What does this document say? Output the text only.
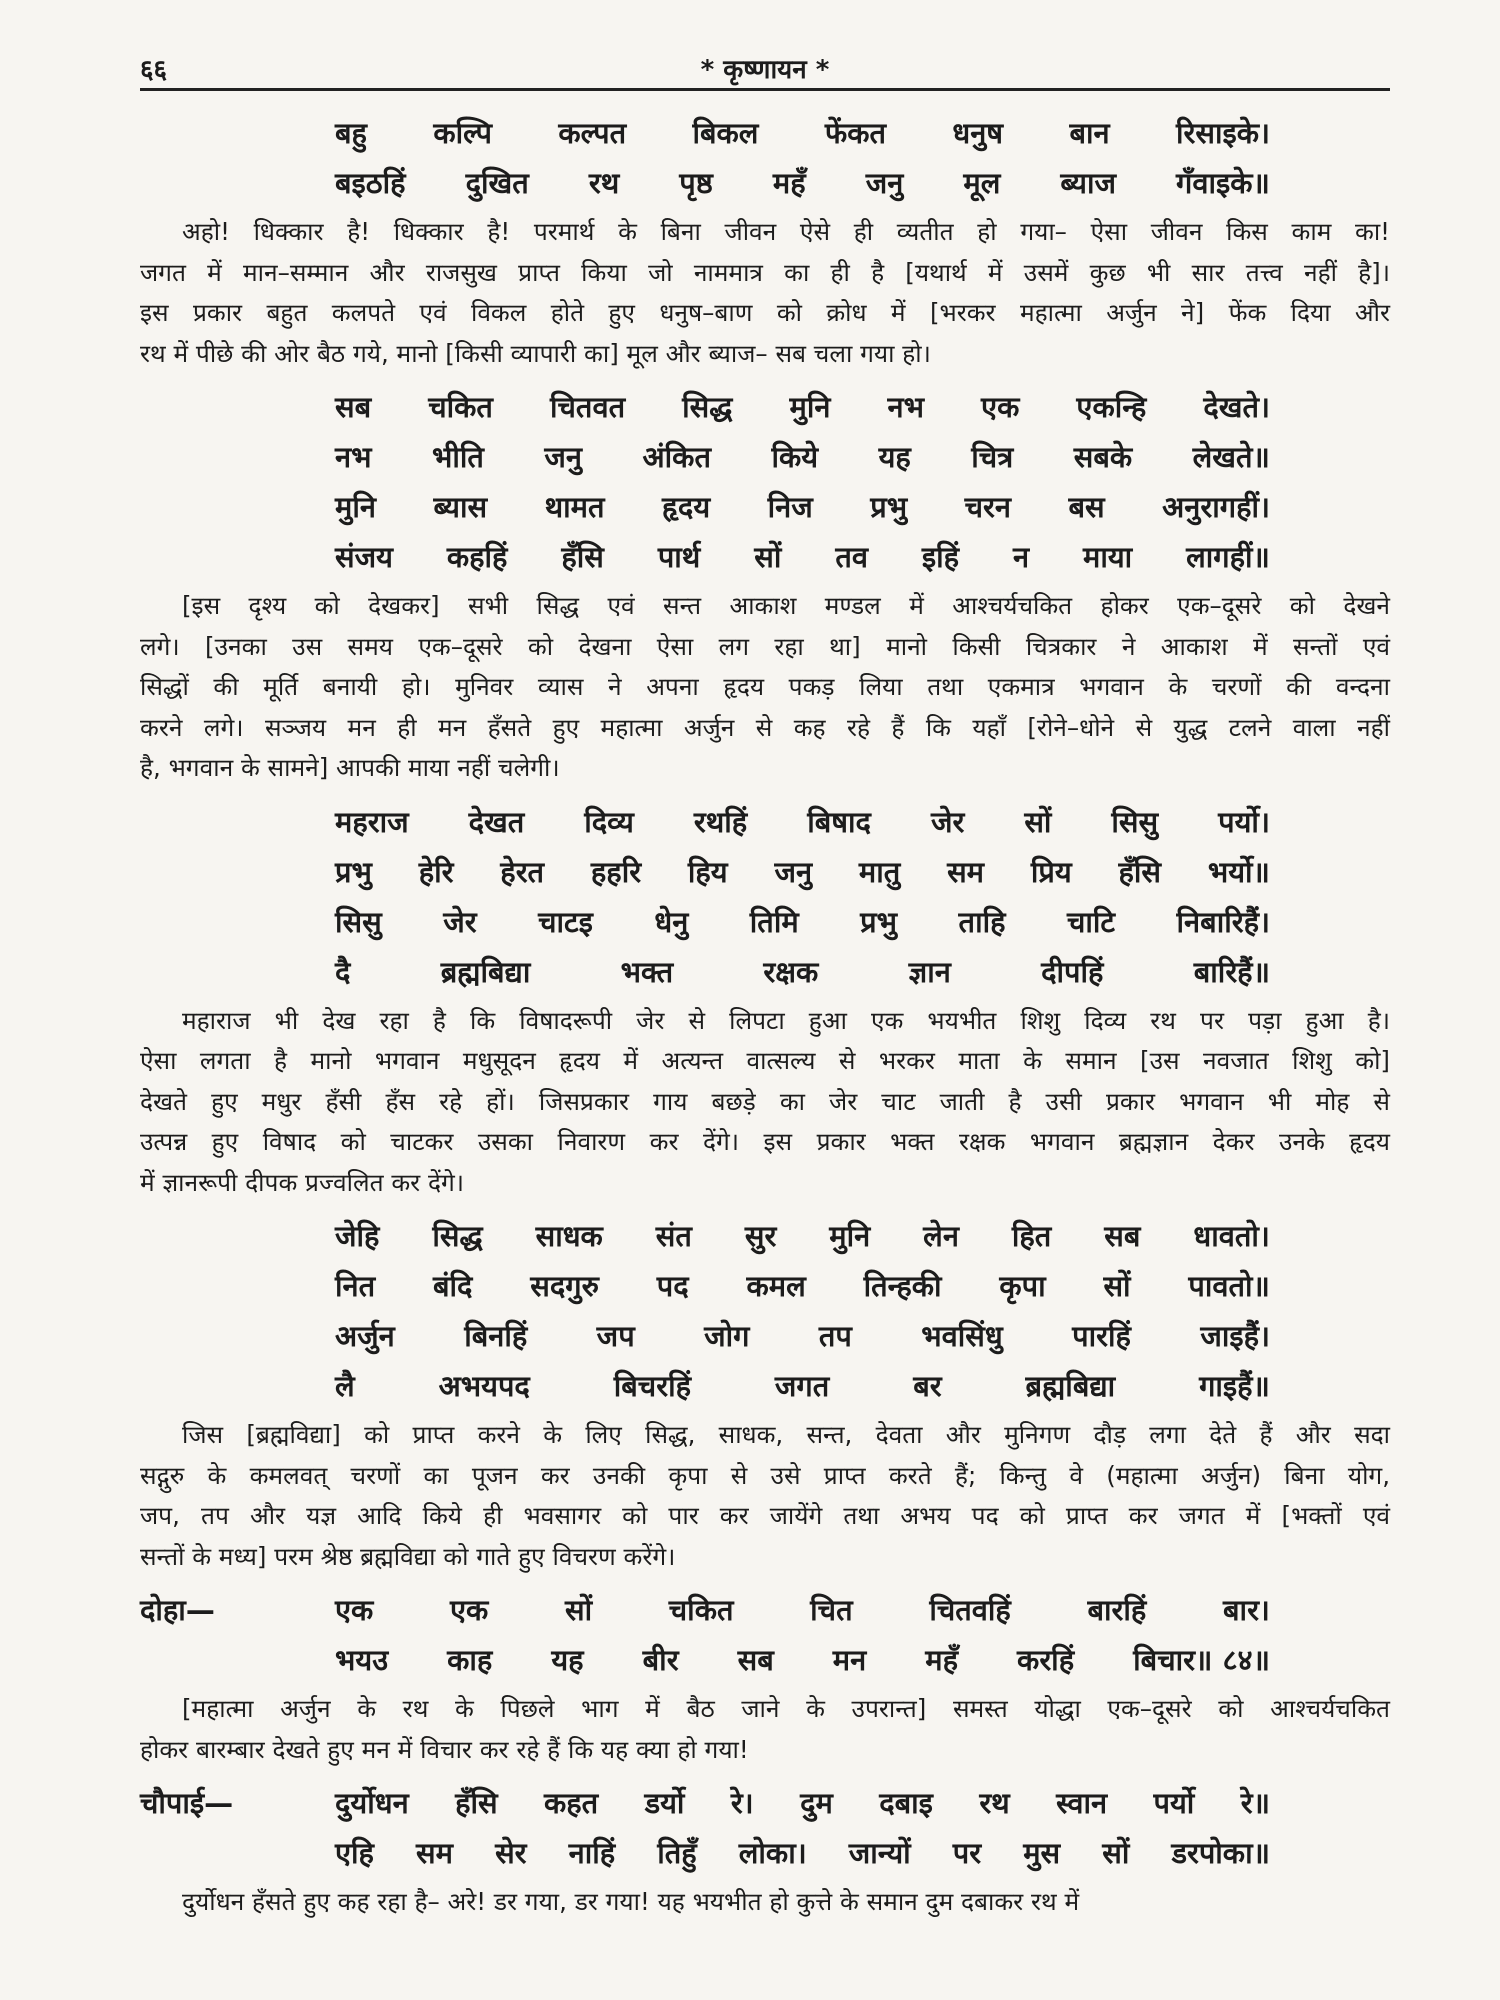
६६	* कृष्णायन *
बहु कल्पि कल्पत बिकल फेंकत धनुष बान रिसाइके।
बइठहिं दुखित रथ पृष्ठ महँ जनु मूल ब्याज गँवाइके॥
अहो! धिक्कार है! धिक्कार है! परमार्थ के बिना जीवन ऐसे ही व्यतीत हो गया– ऐसा जीवन किस काम का!
जगत में मान–सम्मान और राजसुख प्राप्त किया जो नाममात्र का ही है [यथार्थ में उसमें कुछ भी सार तत्त्व नहीं है]।
इस प्रकार बहुत कलपते एवं विकल होते हुए धनुष–बाण को क्रोध में [भरकर महात्मा अर्जुन ने] फेंक दिया और
रथ में पीछे की ओर बैठ गये, मानो [किसी व्यापारी का] मूल और ब्याज– सब चला गया हो।
सब चकित चितवत सिद्ध मुनि नभ एक एकन्हि देखते।
नभ भीति जनु अंकित किये यह चित्र सबके लेखते॥
मुनि ब्यास थामत हृदय निज प्रभु चरन बस अनुरागहीं।
संजय कहहिं हँसि पार्थ सों तव इहिं न माया लागहीं॥
[इस दृश्य को देखकर] सभी सिद्ध एवं सन्त आकाश मण्डल में आश्चर्यचकित होकर एक–दूसरे को देखने
लगे। [उनका उस समय एक–दूसरे को देखना ऐसा लग रहा था] मानो किसी चित्रकार ने आकाश में सन्तों एवं
सिद्धों की मूर्ति बनायी हो। मुनिवर व्यास ने अपना हृदय पकड़ लिया तथा एकमात्र भगवान के चरणों की वन्दना
करने लगे। सञ्जय मन ही मन हँसते हुए महात्मा अर्जुन से कह रहे हैं कि यहाँ [रोने–धोने से युद्ध टलने वाला नहीं
है, भगवान के सामने] आपकी माया नहीं चलेगी।
महराज देखत दिव्य रथहिं बिषाद जेर सों सिसु पर्यो।
प्रभु हेरि हेरत हहरि हिय जनु मातु सम प्रिय हँसि भर्यो॥
सिसु जेर चाटइ धेनु तिमि प्रभु ताहि चाटि निबारिहैं।
दै	ब्रह्मबिद्या	भक्त	रक्षक	ज्ञान	दीपहिं	बारिहैं॥
महाराज भी देख रहा है कि विषादरूपी जेर से लिपटा हुआ एक भयभीत शिशु दिव्य रथ पर पड़ा हुआ है।
ऐसा लगता है मानो भगवान मधुसूदन हृदय में अत्यन्त वात्सल्य से भरकर माता के समान [उस नवजात शिशु को]
देखते हुए मधुर हँसी हँस रहे हों। जिसप्रकार गाय बछड़े का जेर चाट जाती है उसी प्रकार भगवान भी मोह से
उत्पन्न हुए विषाद को चाटकर उसका निवारण कर देंगे। इस प्रकार भक्त रक्षक भगवान ब्रह्मज्ञान देकर उनके हृदय
में ज्ञानरूपी दीपक प्रज्वलित कर देंगे।
जेहि सिद्ध साधक संत सुर मुनि लेन हित सब धावतो।
नित बंदि सदगुरु पद कमल तिन्हकी कृपा सों पावतो॥
अर्जुन बिनहिं जप जोग तप भवसिंधु पारहिं जाइहैं।
लै	अभयपद	बिचरहिं	जगत	बर	ब्रह्मबिद्या	गाइहैं॥
जिस [ब्रह्मविद्या] को प्राप्त करने के लिए सिद्ध, साधक, सन्त, देवता और मुनिगण दौड़ लगा देते हैं और सदा
सद्गुरु के कमलवत् चरणों का पूजन कर उनकी कृपा से उसे प्राप्त करते हैं; किन्तु वे (महात्मा अर्जुन) बिना योग,
जप, तप और यज्ञ आदि किये ही भवसागर को पार कर जायेंगे तथा अभय पद को प्राप्त कर जगत में [भक्तों एवं
सन्तों के मध्य] परम श्रेष्ठ ब्रह्मविद्या को गाते हुए विचरण करेंगे।
दोहा—	एक	एक	सों	चकित	चित	चितवहिं	बारहिं	बार।
भयउ काह यह बीर सब मन महँ करहिं बिचार॥ ८४॥
[महात्मा अर्जुन के रथ के पिछले भाग में बैठ जाने के उपरान्त] समस्त योद्धा एक–दूसरे को आश्चर्यचकित
होकर बारम्बार देखते हुए मन में विचार कर रहे हैं कि यह क्या हो गया!
चौपाई—	दुर्योधन हँसि कहत डर्यो रे। दुम दबाइ रथ स्वान पर्यो रे॥
एहि सम सेर नाहिं तिहुँ लोका। जान्यों पर मुस सों डरपोका॥
दुर्योधन हँसते हुए कह रहा है– अरे! डर गया, डर गया! यह भयभीत हो कुत्ते के समान दुम दबाकर रथ में
